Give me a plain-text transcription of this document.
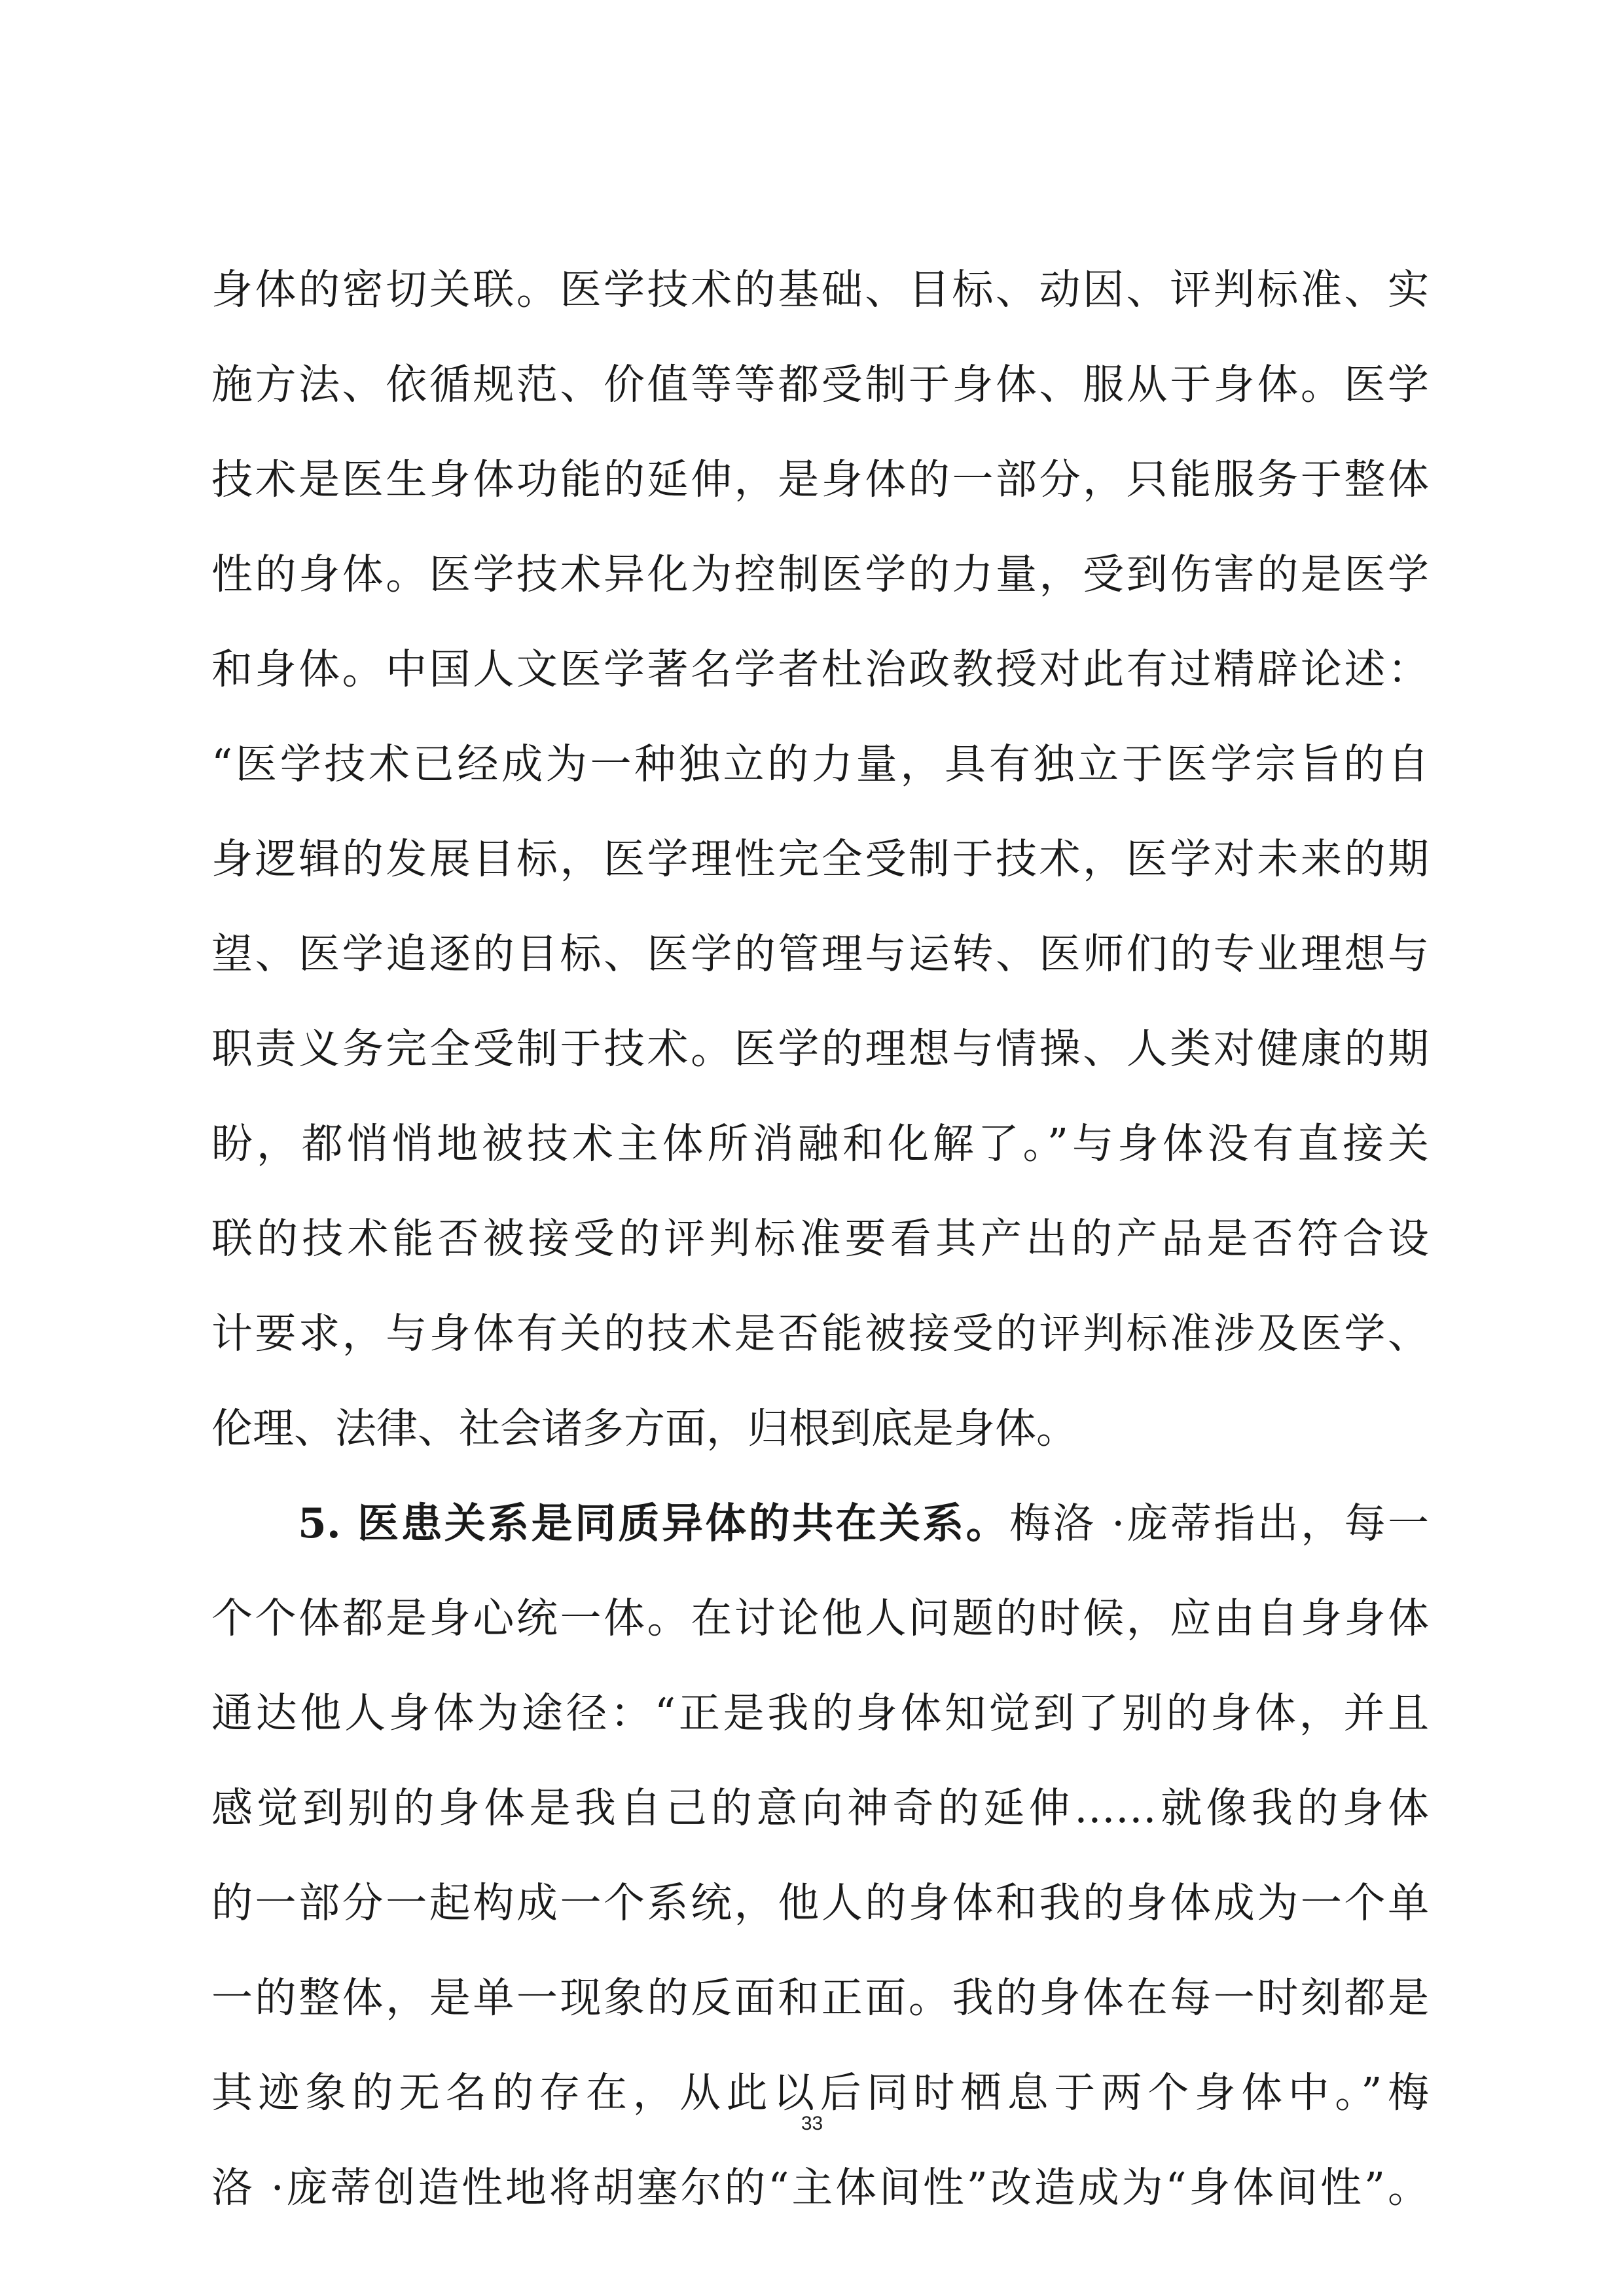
身体的密切关联。医学技术的基础、目标、动因、评判标准、实
施方法、依循规范、价值等等都受制于身体、服从于身体。医学
技术是医生身体功能的延伸，是身体的一部分，只能服务于整体
性的身体。医学技术异化为控制医学的力量，受到伤害的是医学
和身体。中国人文医学著名学者杜治政教授对此有过精辟论述：
“医学技术已经成为一种独立的力量，具有独立于医学宗旨的自
身逻辑的发展目标，医学理性完全受制于技术，医学对未来的期
望、医学追逐的目标、医学的管理与运转、医师们的专业理想与
职责义务完全受制于技术。医学的理想与情操、人类对健康的期
盼，都悄悄地被技术主体所消融和化解了。”与身体没有直接关
联的技术能否被接受的评判标准要看其产出的产品是否符合设
计要求，与身体有关的技术是否能被接受的评判标准涉及医学、
伦理、法律、社会诸多方面，归根到底是身体。
5. 医患关系是同质异体的共在关系。梅洛 ·庞蒂指出，每一
个个体都是身心统一体。在讨论他人问题的时候，应由自身身体
通达他人身体为途径：“正是我的身体知觉到了别的身体，并且
感觉到别的身体是我自己的意向神奇的延伸……就像我的身体
的一部分一起构成一个系统，他人的身体和我的身体成为一个单
一的整体，是单一现象的反面和正面。我的身体在每一时刻都是
其迹象的无名的存在，从此以后同时栖息于两个身体中。”梅
洛 ·庞蒂创造性地将胡塞尔的“主体间性”改造成为“身体间性”。
33
